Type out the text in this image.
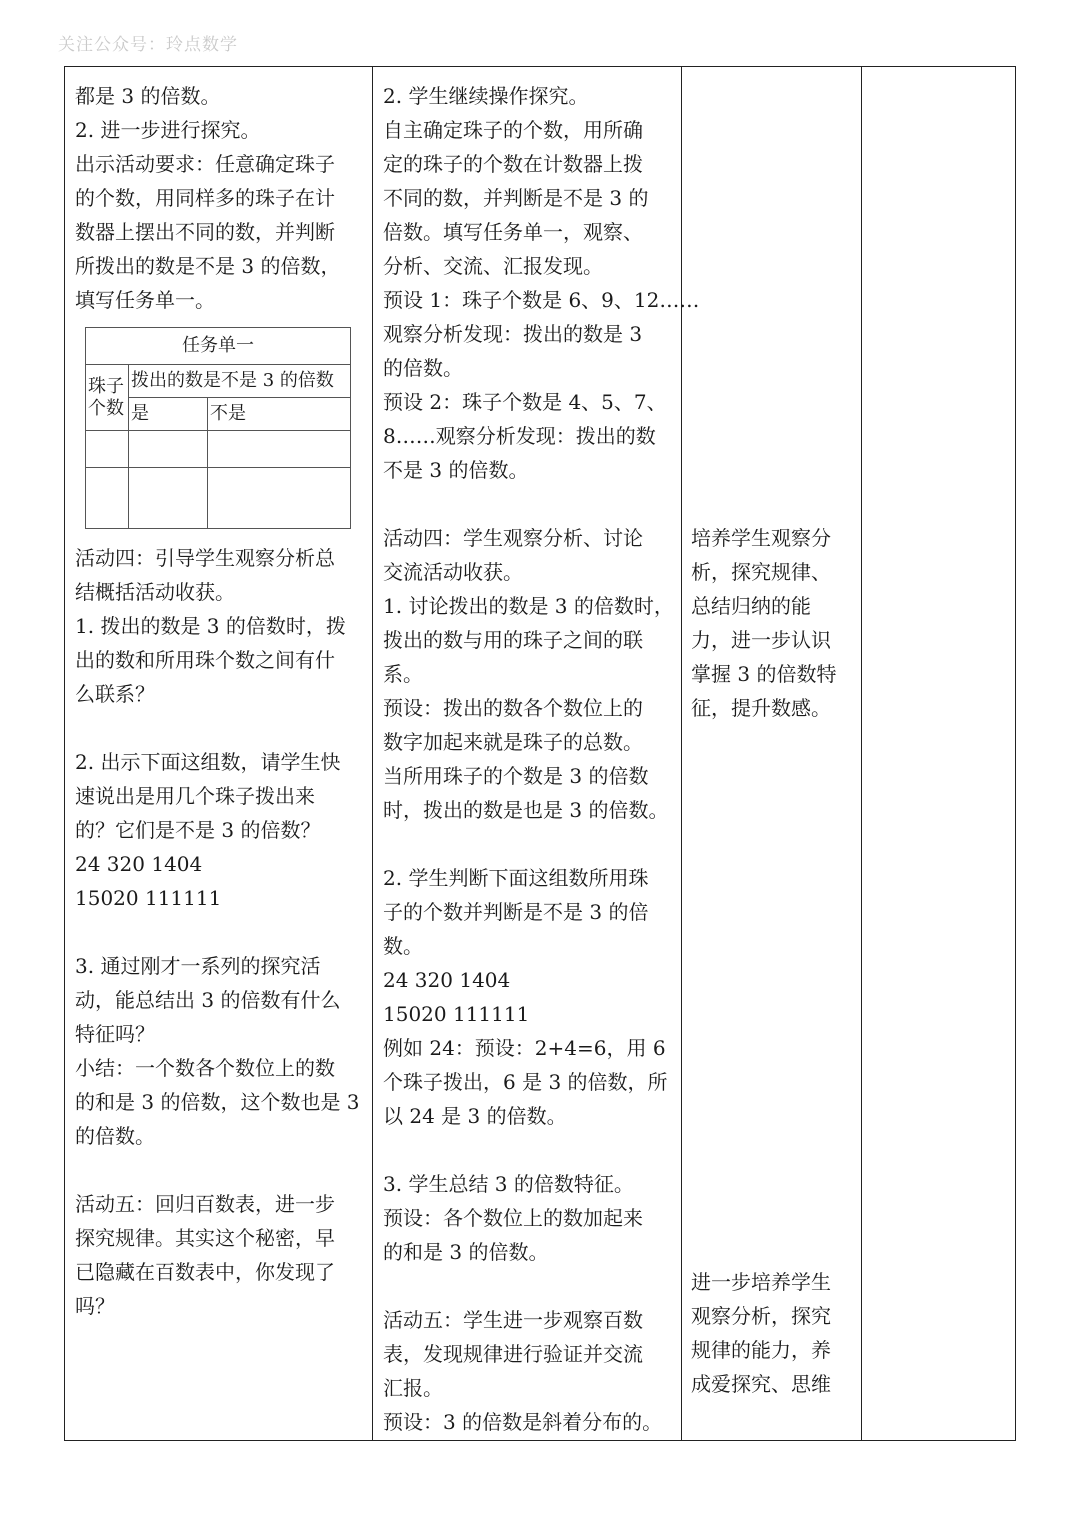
关注公众号：玲点数学

都是 3 的倍数。

2. 进一步进行探究。

出示活动要求：任意确定珠子

的个数，用同样多的珠子在计

数器上摆出不同的数，并判断

所拨出的数是不是 3 的倍数，

填写任务单一。

任务单一		
珠子个数	拨出的数是不是 3 的倍数	
	是	不是

活动四：引导学生观察分析总

结概括活动收获。

1. 拨出的数是 3 的倍数时，拨

出的数和所用珠个数之间有什

么联系？

2. 出示下面这组数，请学生快

速说出是用几个珠子拨出来

的？它们是不是 3 的倍数？

24 320 1404

15020 111111

3. 通过刚才一系列的探究活

动，能总结出 3 的倍数有什么

特征吗？

小结：一个数各个数位上的数

的和是 3 的倍数，这个数也是 3

的倍数。

活动五：回归百数表，进一步

探究规律。其实这个秘密，早

已隐藏在百数表中，你发现了

吗？

2. 学生继续操作探究。

自主确定珠子的个数，用所确

定的珠子的个数在计数器上拨

不同的数，并判断是不是 3 的

倍数。填写任务单一，观察、

分析、交流、汇报发现。

预设 1：珠子个数是 6、9、12……

观察分析发现：拨出的数是 3

的倍数。

预设 2：珠子个数是 4、5、7、

8……观察分析发现：拨出的数

不是 3 的倍数。

活动四：学生观察分析、讨论

交流活动收获。

1. 讨论拨出的数是 3 的倍数时，

拨出的数与用的珠子之间的联

系。

预设：拨出的数各个数位上的

数字加起来就是珠子的总数。

当所用珠子的个数是 3 的倍数

时，拨出的数是也是 3 的倍数。

2. 学生判断下面这组数所用珠

子的个数并判断是不是 3 的倍

数。

24 320 1404

15020 111111

例如 24：预设：2+4=6，用 6

个珠子拨出，6 是 3 的倍数，所

以 24 是 3 的倍数。

3. 学生总结 3 的倍数特征。

预设：各个数位上的数加起来

的和是 3 的倍数。

活动五：学生进一步观察百数

表，发现规律进行验证并交流

汇报。

预设：3 的倍数是斜着分布的。

培养学生观察分

析，探究规律、

总结归纳的能

力，进一步认识

掌握 3 的倍数特

征，提升数感。

进一步培养学生

观察分析，探究

规律的能力，养

成爱探究、思维
